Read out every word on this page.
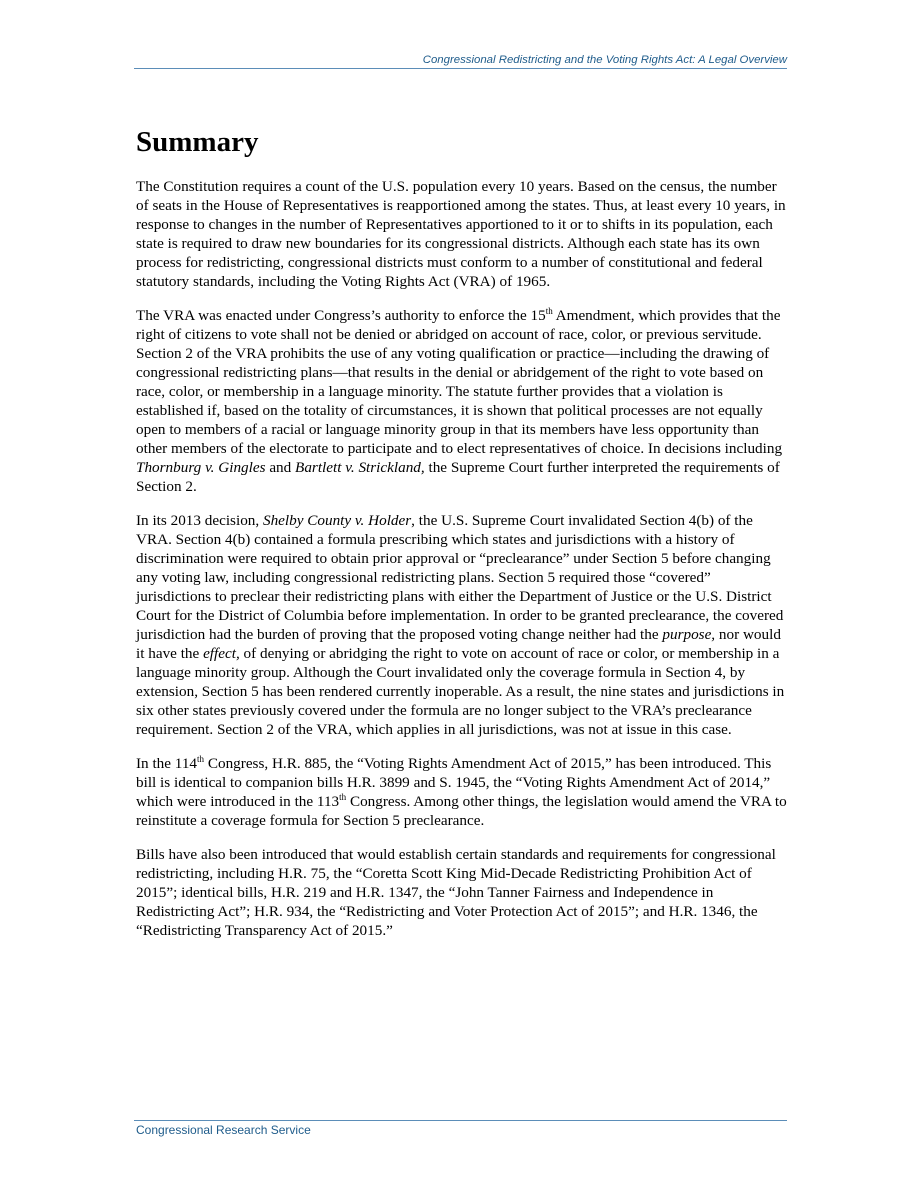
Congressional Redistricting and the Voting Rights Act: A Legal Overview
Summary

The Constitution requires a count of the U.S. population every 10 years. Based on the census, the number of seats in the House of Representatives is reapportioned among the states. Thus, at least every 10 years, in response to changes in the number of Representatives apportioned to it or to shifts in its population, each state is required to draw new boundaries for its congressional districts. Although each state has its own process for redistricting, congressional districts must conform to a number of constitutional and federal statutory standards, including the Voting Rights Act (VRA) of 1965.

The VRA was enacted under Congress’s authority to enforce the 15th Amendment, which provides that the right of citizens to vote shall not be denied or abridged on account of race, color, or previous servitude. Section 2 of the VRA prohibits the use of any voting qualification or practice—including the drawing of congressional redistricting plans—that results in the denial or abridgement of the right to vote based on race, color, or membership in a language minority. The statute further provides that a violation is established if, based on the totality of circumstances, it is shown that political processes are not equally open to members of a racial or language minority group in that its members have less opportunity than other members of the electorate to participate and to elect representatives of choice. In decisions including Thornburg v. Gingles and Bartlett v. Strickland, the Supreme Court further interpreted the requirements of Section 2.

In its 2013 decision, Shelby County v. Holder, the U.S. Supreme Court invalidated Section 4(b) of the VRA. Section 4(b) contained a formula prescribing which states and jurisdictions with a history of discrimination were required to obtain prior approval or “preclearance” under Section 5 before changing any voting law, including congressional redistricting plans. Section 5 required those “covered” jurisdictions to preclear their redistricting plans with either the Department of Justice or the U.S. District Court for the District of Columbia before implementation. In order to be granted preclearance, the covered jurisdiction had the burden of proving that the proposed voting change neither had the purpose, nor would it have the effect, of denying or abridging the right to vote on account of race or color, or membership in a language minority group. Although the Court invalidated only the coverage formula in Section 4, by extension, Section 5 has been rendered currently inoperable. As a result, the nine states and jurisdictions in six other states previously covered under the formula are no longer subject to the VRA’s preclearance requirement. Section 2 of the VRA, which applies in all jurisdictions, was not at issue in this case.

In the 114th Congress, H.R. 885, the “Voting Rights Amendment Act of 2015,” has been introduced. This bill is identical to companion bills H.R. 3899 and S. 1945, the “Voting Rights Amendment Act of 2014,” which were introduced in the 113th Congress. Among other things, the legislation would amend the VRA to reinstitute a coverage formula for Section 5 preclearance.

Bills have also been introduced that would establish certain standards and requirements for congressional redistricting, including H.R. 75, the “Coretta Scott King Mid-Decade Redistricting Prohibition Act of 2015”; identical bills, H.R. 219 and H.R. 1347, the “John Tanner Fairness and Independence in Redistricting Act”; H.R. 934, the “Redistricting and Voter Protection Act of 2015”; and H.R. 1346, the “Redistricting Transparency Act of 2015.”

Congressional Research Service
